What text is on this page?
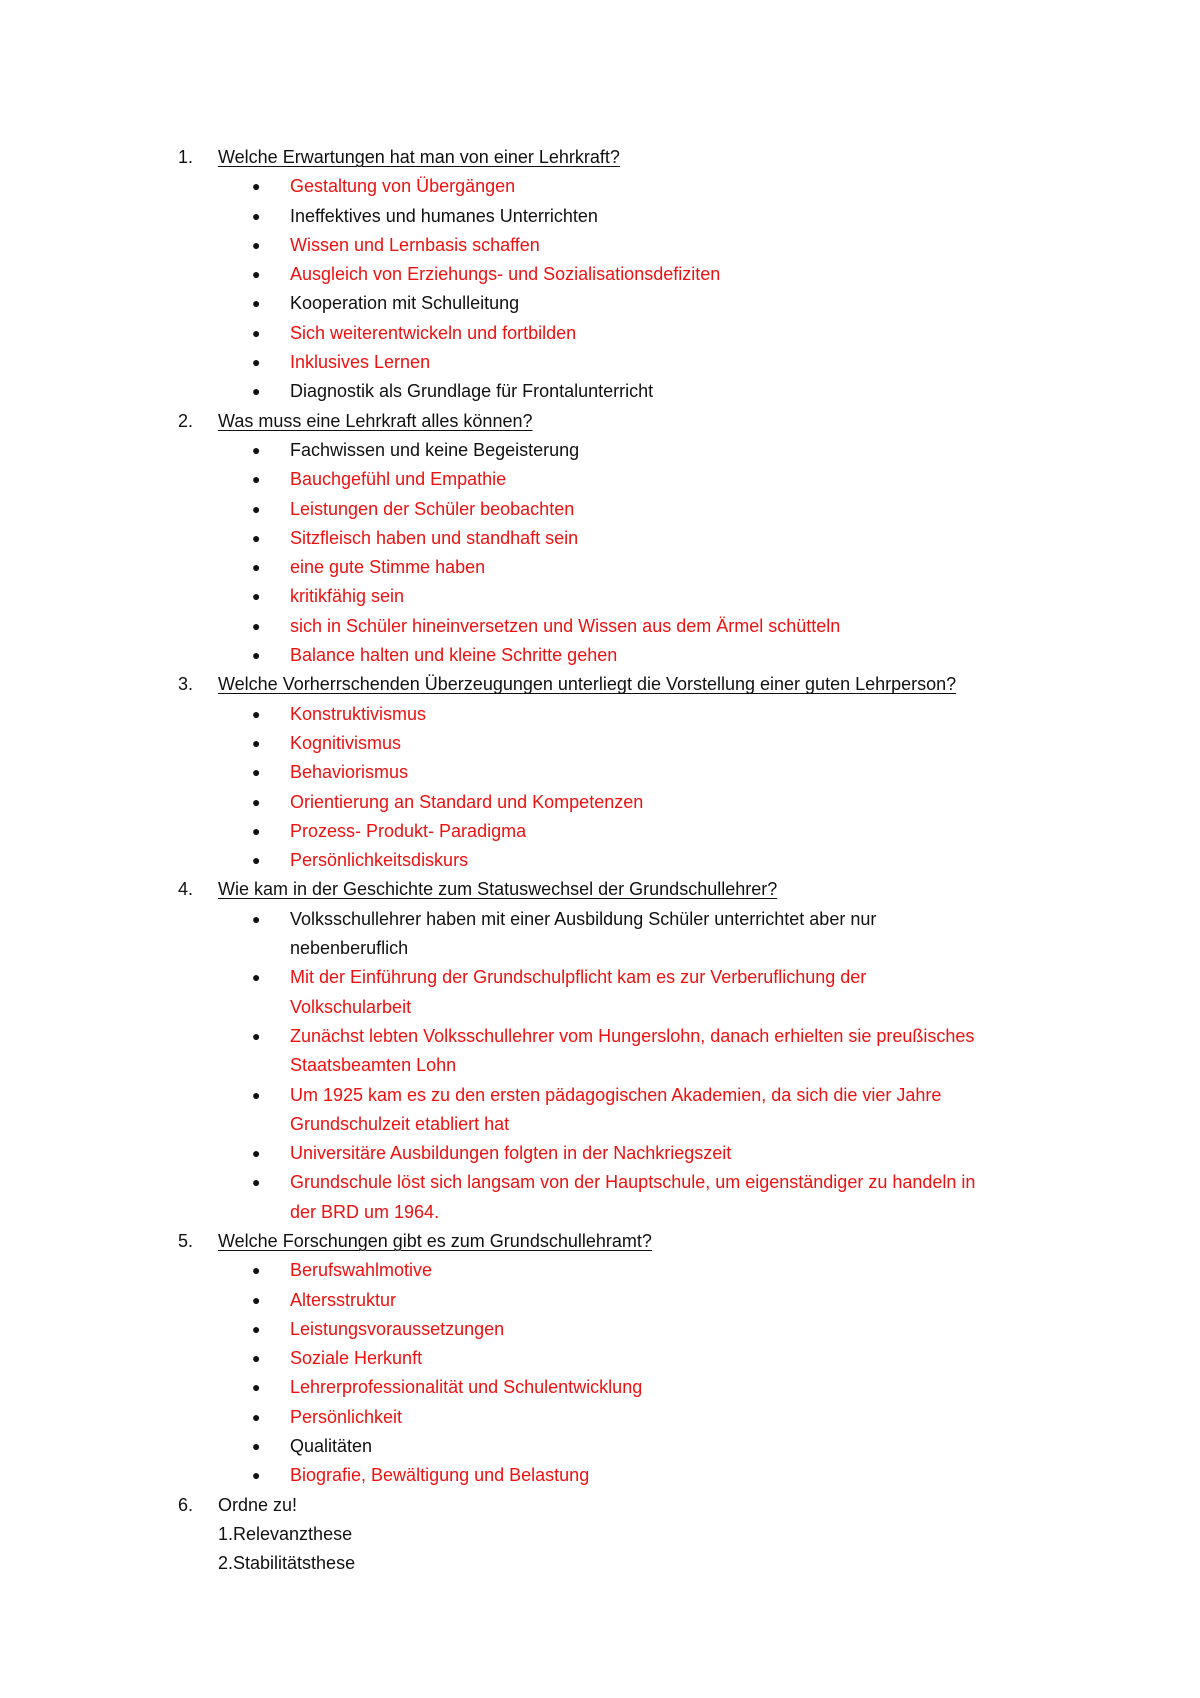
1. Welche Erwartungen hat man von einer Lehrkraft?
● Gestaltung von Übergängen
● Ineffektives und humanes Unterrichten
● Wissen und Lernbasis schaffen
● Ausgleich von Erziehungs- und Sozialisationsdefiziten
● Kooperation mit Schulleitung
● Sich weiterentwickeln und fortbilden
● Inklusives Lernen
● Diagnostik als Grundlage für Frontalunterricht
2. Was muss eine Lehrkraft alles können?
● Fachwissen und keine Begeisterung
● Bauchgefühl und Empathie
● Leistungen der Schüler beobachten
● Sitzfleisch haben und standhaft sein
● eine gute Stimme haben
● kritikfähig sein
● sich in Schüler hineinversetzen und Wissen aus dem Ärmel schütteln
● Balance halten und kleine Schritte gehen
3. Welche Vorherrschenden Überzeugungen unterliegt die Vorstellung einer guten Lehrperson?
● Konstruktivismus
● Kognitivismus
● Behaviorismus
● Orientierung an Standard und Kompetenzen
● Prozess- Produkt- Paradigma
● Persönlichkeitsdiskurs
4. Wie kam in der Geschichte zum Statuswechsel der Grundschullehrer?
● Volksschullehrer haben mit einer Ausbildung Schüler unterrichtet aber nur
nebenberuflich
● Mit der Einführung der Grundschulpflicht kam es zur Verberuflichung der
Volkschularbeit
● Zunächst lebten Volksschullehrer vom Hungerslohn, danach erhielten sie preußisches
Staatsbeamten Lohn
● Um 1925 kam es zu den ersten pädagogischen Akademien, da sich die vier Jahre
Grundschulzeit etabliert hat
● Universitäre Ausbildungen folgten in der Nachkriegszeit
● Grundschule löst sich langsam von der Hauptschule, um eigenständiger zu handeln in
der BRD um 1964.
5. Welche Forschungen gibt es zum Grundschullehramt?
● Berufswahlmotive
● Altersstruktur
● Leistungsvoraussetzungen
● Soziale Herkunft
● Lehrerprofessionalität und Schulentwicklung
● Persönlichkeit
● Qualitäten
● Biografie, Bewältigung und Belastung
6. Ordne zu!
1.Relevanzthese
2.Stabilitätsthese
